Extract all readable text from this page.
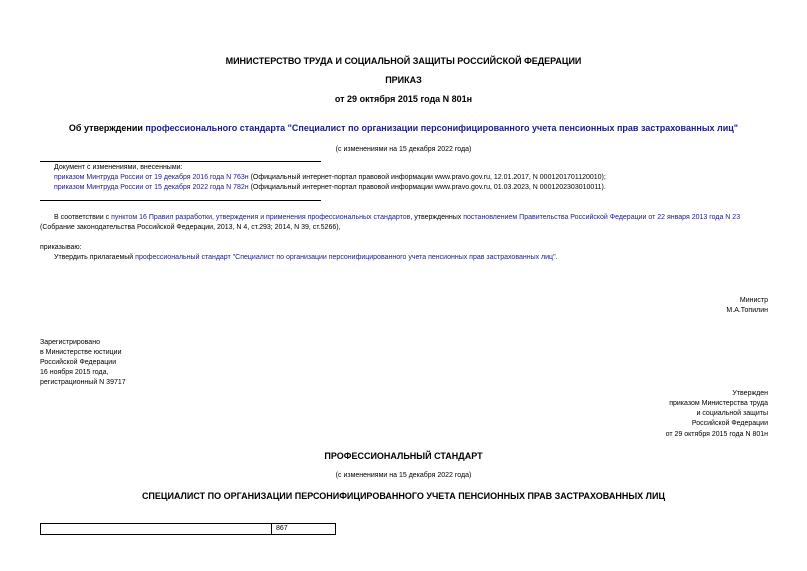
МИНИСТЕРСТВО ТРУДА И СОЦИАЛЬНОЙ ЗАЩИТЫ РОССИЙСКОЙ ФЕДЕРАЦИИ
ПРИКАЗ
от 29 октября 2015 года N 801н
Об утверждении профессионального стандарта "Специалист по организации персонифицированного учета пенсионных прав застрахованных лиц"
(с изменениями на 15 декабря 2022 года)
Документ с изменениями, внесенными:
приказом Минтруда России от 19 декабря 2016 года N 763н (Официальный интернет-портал правовой информации www.pravo.gov.ru, 12.01.2017, N 0001201701120010);
приказом Минтруда России от 15 декабря 2022 года N 782н (Официальный интернет-портал правовой информации www.pravo.gov.ru, 01.03.2023, N 0001202303010011).
В соответствии с пунктом 16 Правил разработки, утверждения и применения профессиональных стандартов, утвержденных постановлением Правительства Российской Федерации от 22 января 2013 года N 23
(Собрание законодательства Российской Федерации, 2013, N 4, ст.293; 2014, N 39, ст.5266),
приказываю:
Утвердить прилагаемый профессиональный стандарт "Специалист по организации персонифицированного учета пенсионных прав застрахованных лиц".
Министр
М.А.Топилин
Зарегистрировано
в Министерстве юстиции
Российской Федерации
16 ноября 2015 года,
регистрационный N 39717
Утвержден
приказом Министерства труда
и социальной защиты
Российской Федерации
от 29 октября 2015 года N 801н
ПРОФЕССИОНАЛЬНЫЙ СТАНДАРТ
(с изменениями на 15 декабря 2022 года)
СПЕЦИАЛИСТ ПО ОРГАНИЗАЦИИ ПЕРСОНИФИЦИРОВАННОГО УЧЕТА ПЕНСИОННЫХ ПРАВ ЗАСТРАХОВАННЫХ ЛИЦ
	867
